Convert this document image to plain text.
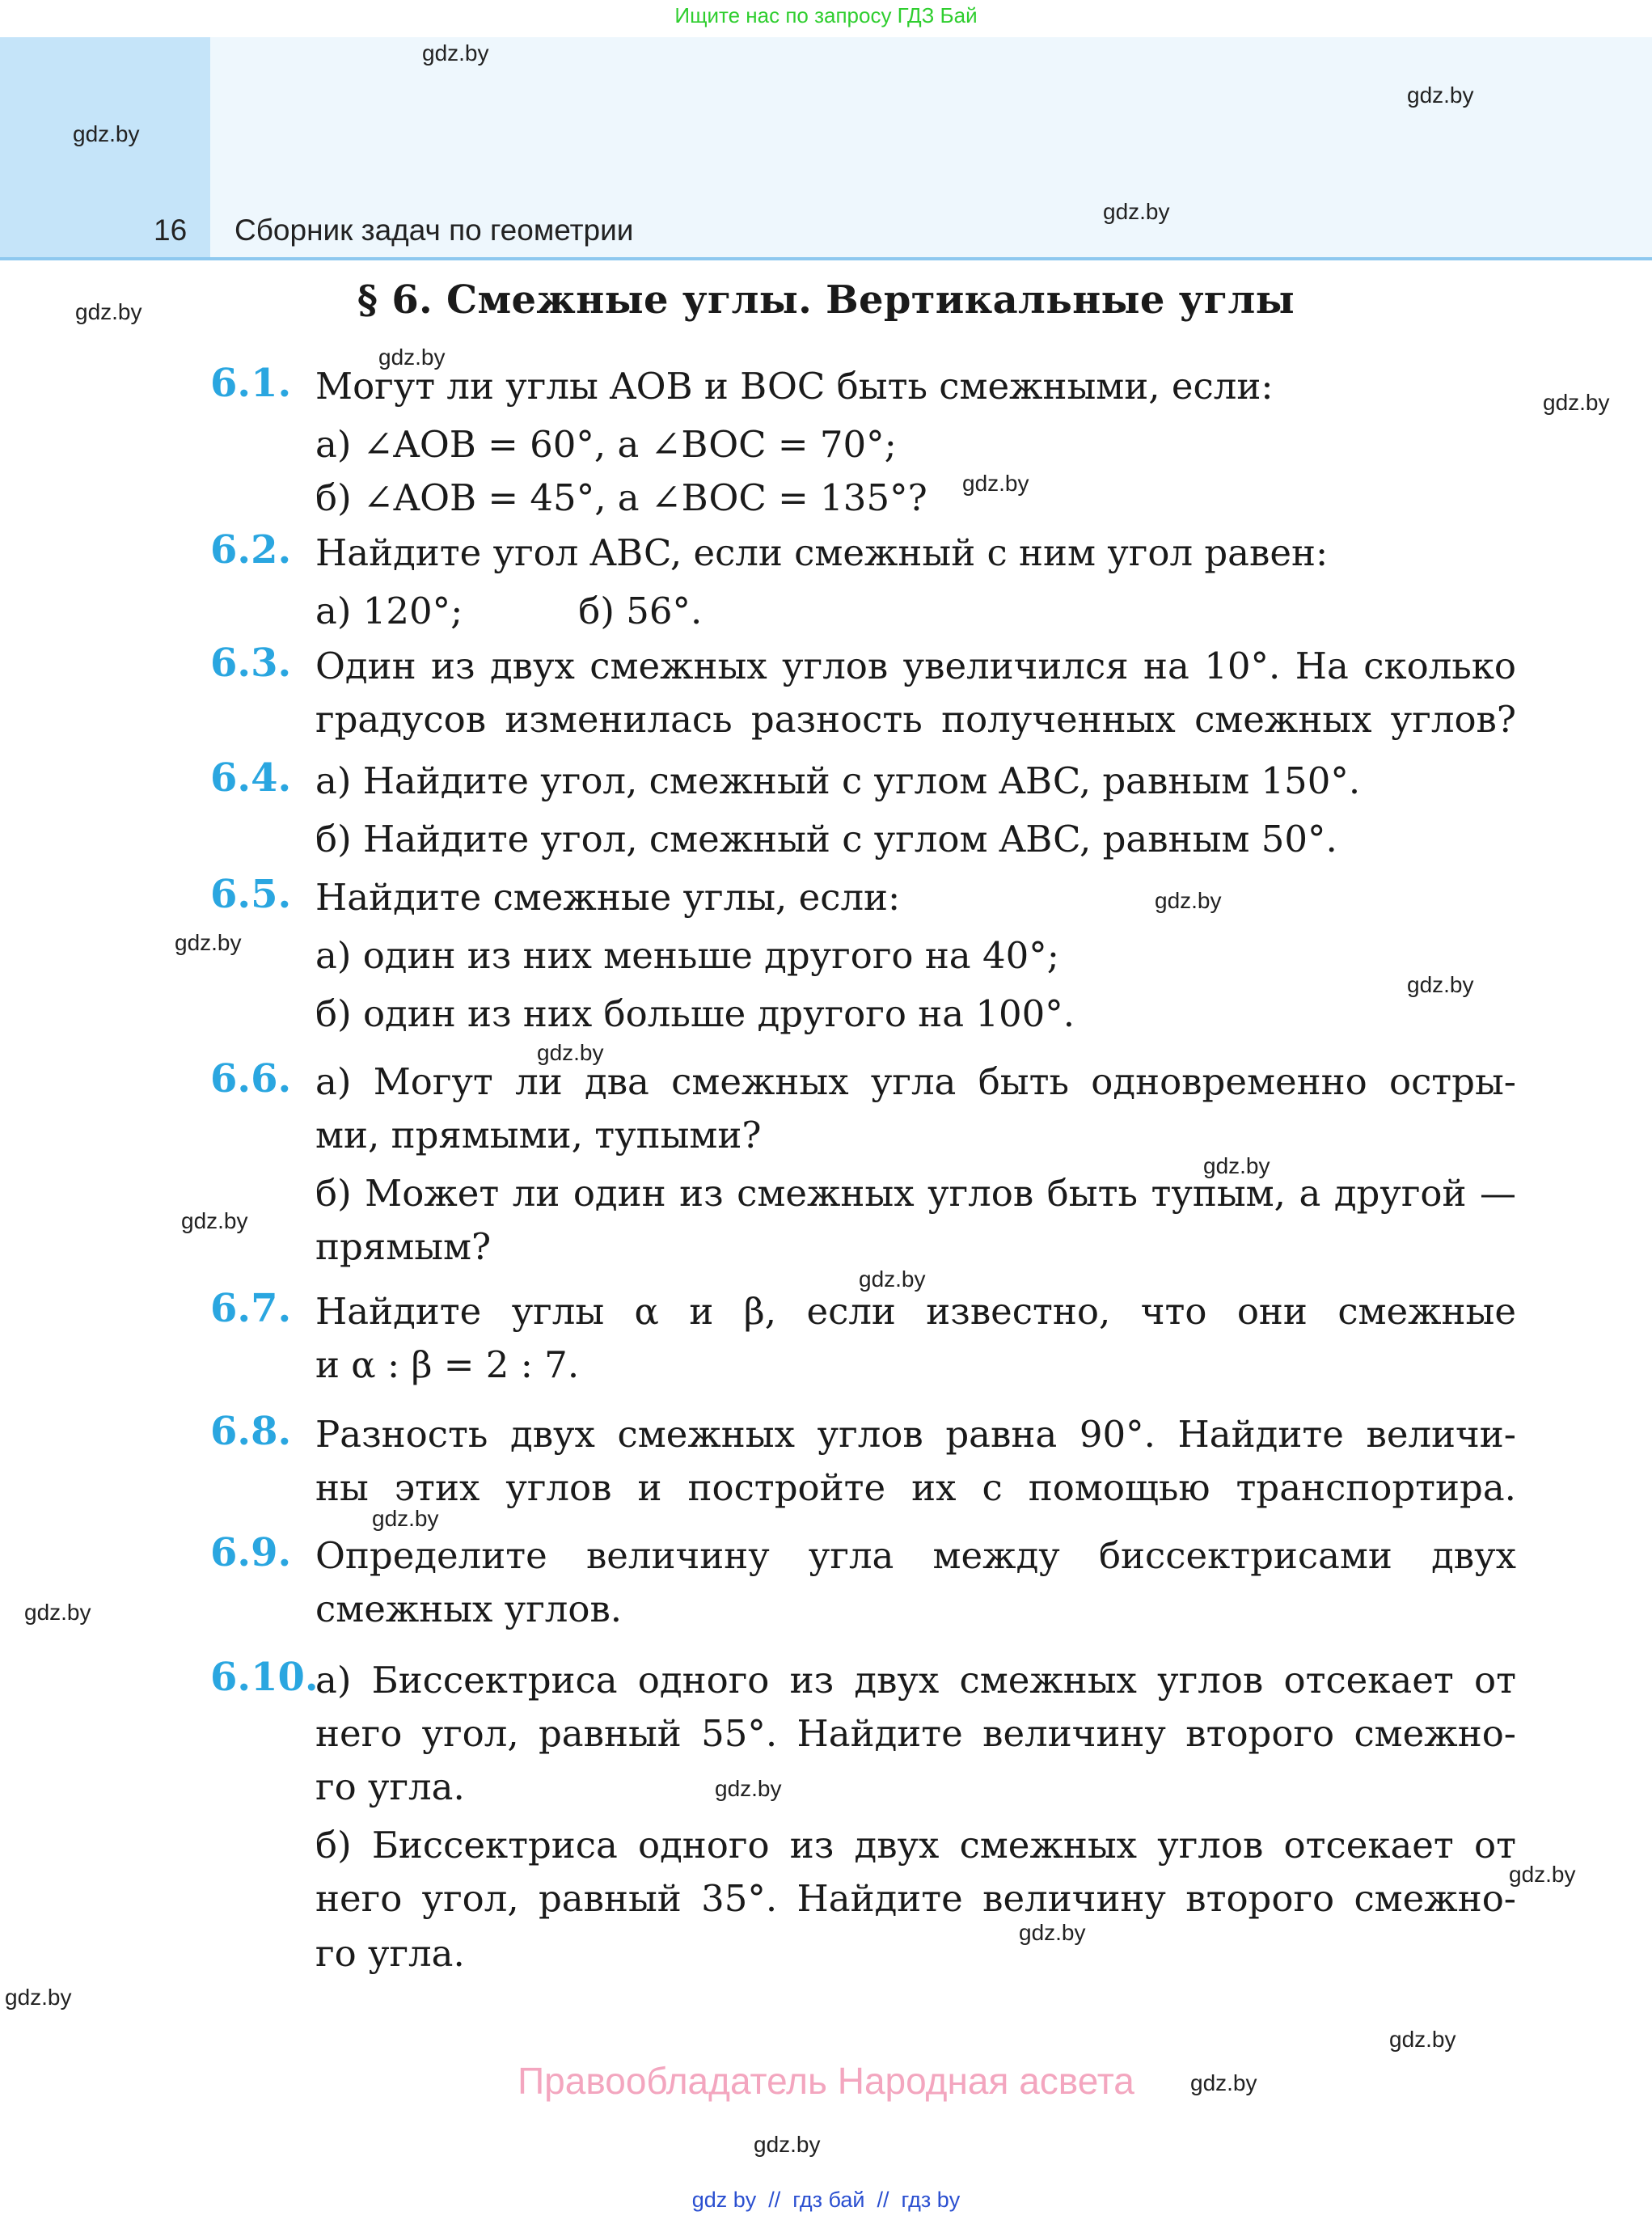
Ищите нас по запросу ГДЗ Бай
16 Сборник задач по геометрии
gdz.by
gdz.by
gdz.by
gdz.by
gdz.by
gdz.by
gdz.by
gdz.by
gdz.by
gdz.by
gdz.by
gdz.by
gdz.by
gdz.by
gdz.by
gdz.by
gdz.by
gdz.by
gdz.by
gdz.by
gdz.by
gdz.by
gdz.by
gdz.by
§ 6. Смежные углы. Вертикальные углы
6.1. Могут ли углы AOB и BOC быть смежными, если:
а) ∠AOB = 60°, а ∠BOC = 70°;
б) ∠AOB = 45°, а ∠BOC = 135°?
6.2. Найдите угол ABC, если смежный с ним угол равен:
а) 120°;          б) 56°.
6.3. Один из двух смежных углов увеличился на 10°. На сколько
градусов изменилась разность полученных смежных углов?
6.4. а) Найдите угол, смежный с углом ABC, равным 150°.
б) Найдите угол, смежный с углом ABC, равным 50°.
6.5. Найдите смежные углы, если:
а) один из них меньше другого на 40°;
б) один из них больше другого на 100°.
6.6. а) Могут ли два смежных угла быть одновременно остры-
ми, прямыми, тупыми?
б) Может ли один из смежных углов быть тупым, а другой —
прямым?
6.7. Найдите углы α и β, если известно, что они смежные
и α : β = 2 : 7.
6.8. Разность двух смежных углов равна 90°. Найдите величи-
ны этих углов и постройте их с помощью транспортира.
6.9. Определите величину угла между биссектрисами двух
смежных углов.
6.10.
а) Биссектриса одного из двух смежных углов отсекает от
него угол, равный 55°. Найдите величину второго смежно-
го угла.
б) Биссектриса одного из двух смежных углов отсекает от
него угол, равный 35°. Найдите величину второго смежно-
го угла.
Правообладатель Народная асвета
gdz by  //  гдз бай  //  гдз by
